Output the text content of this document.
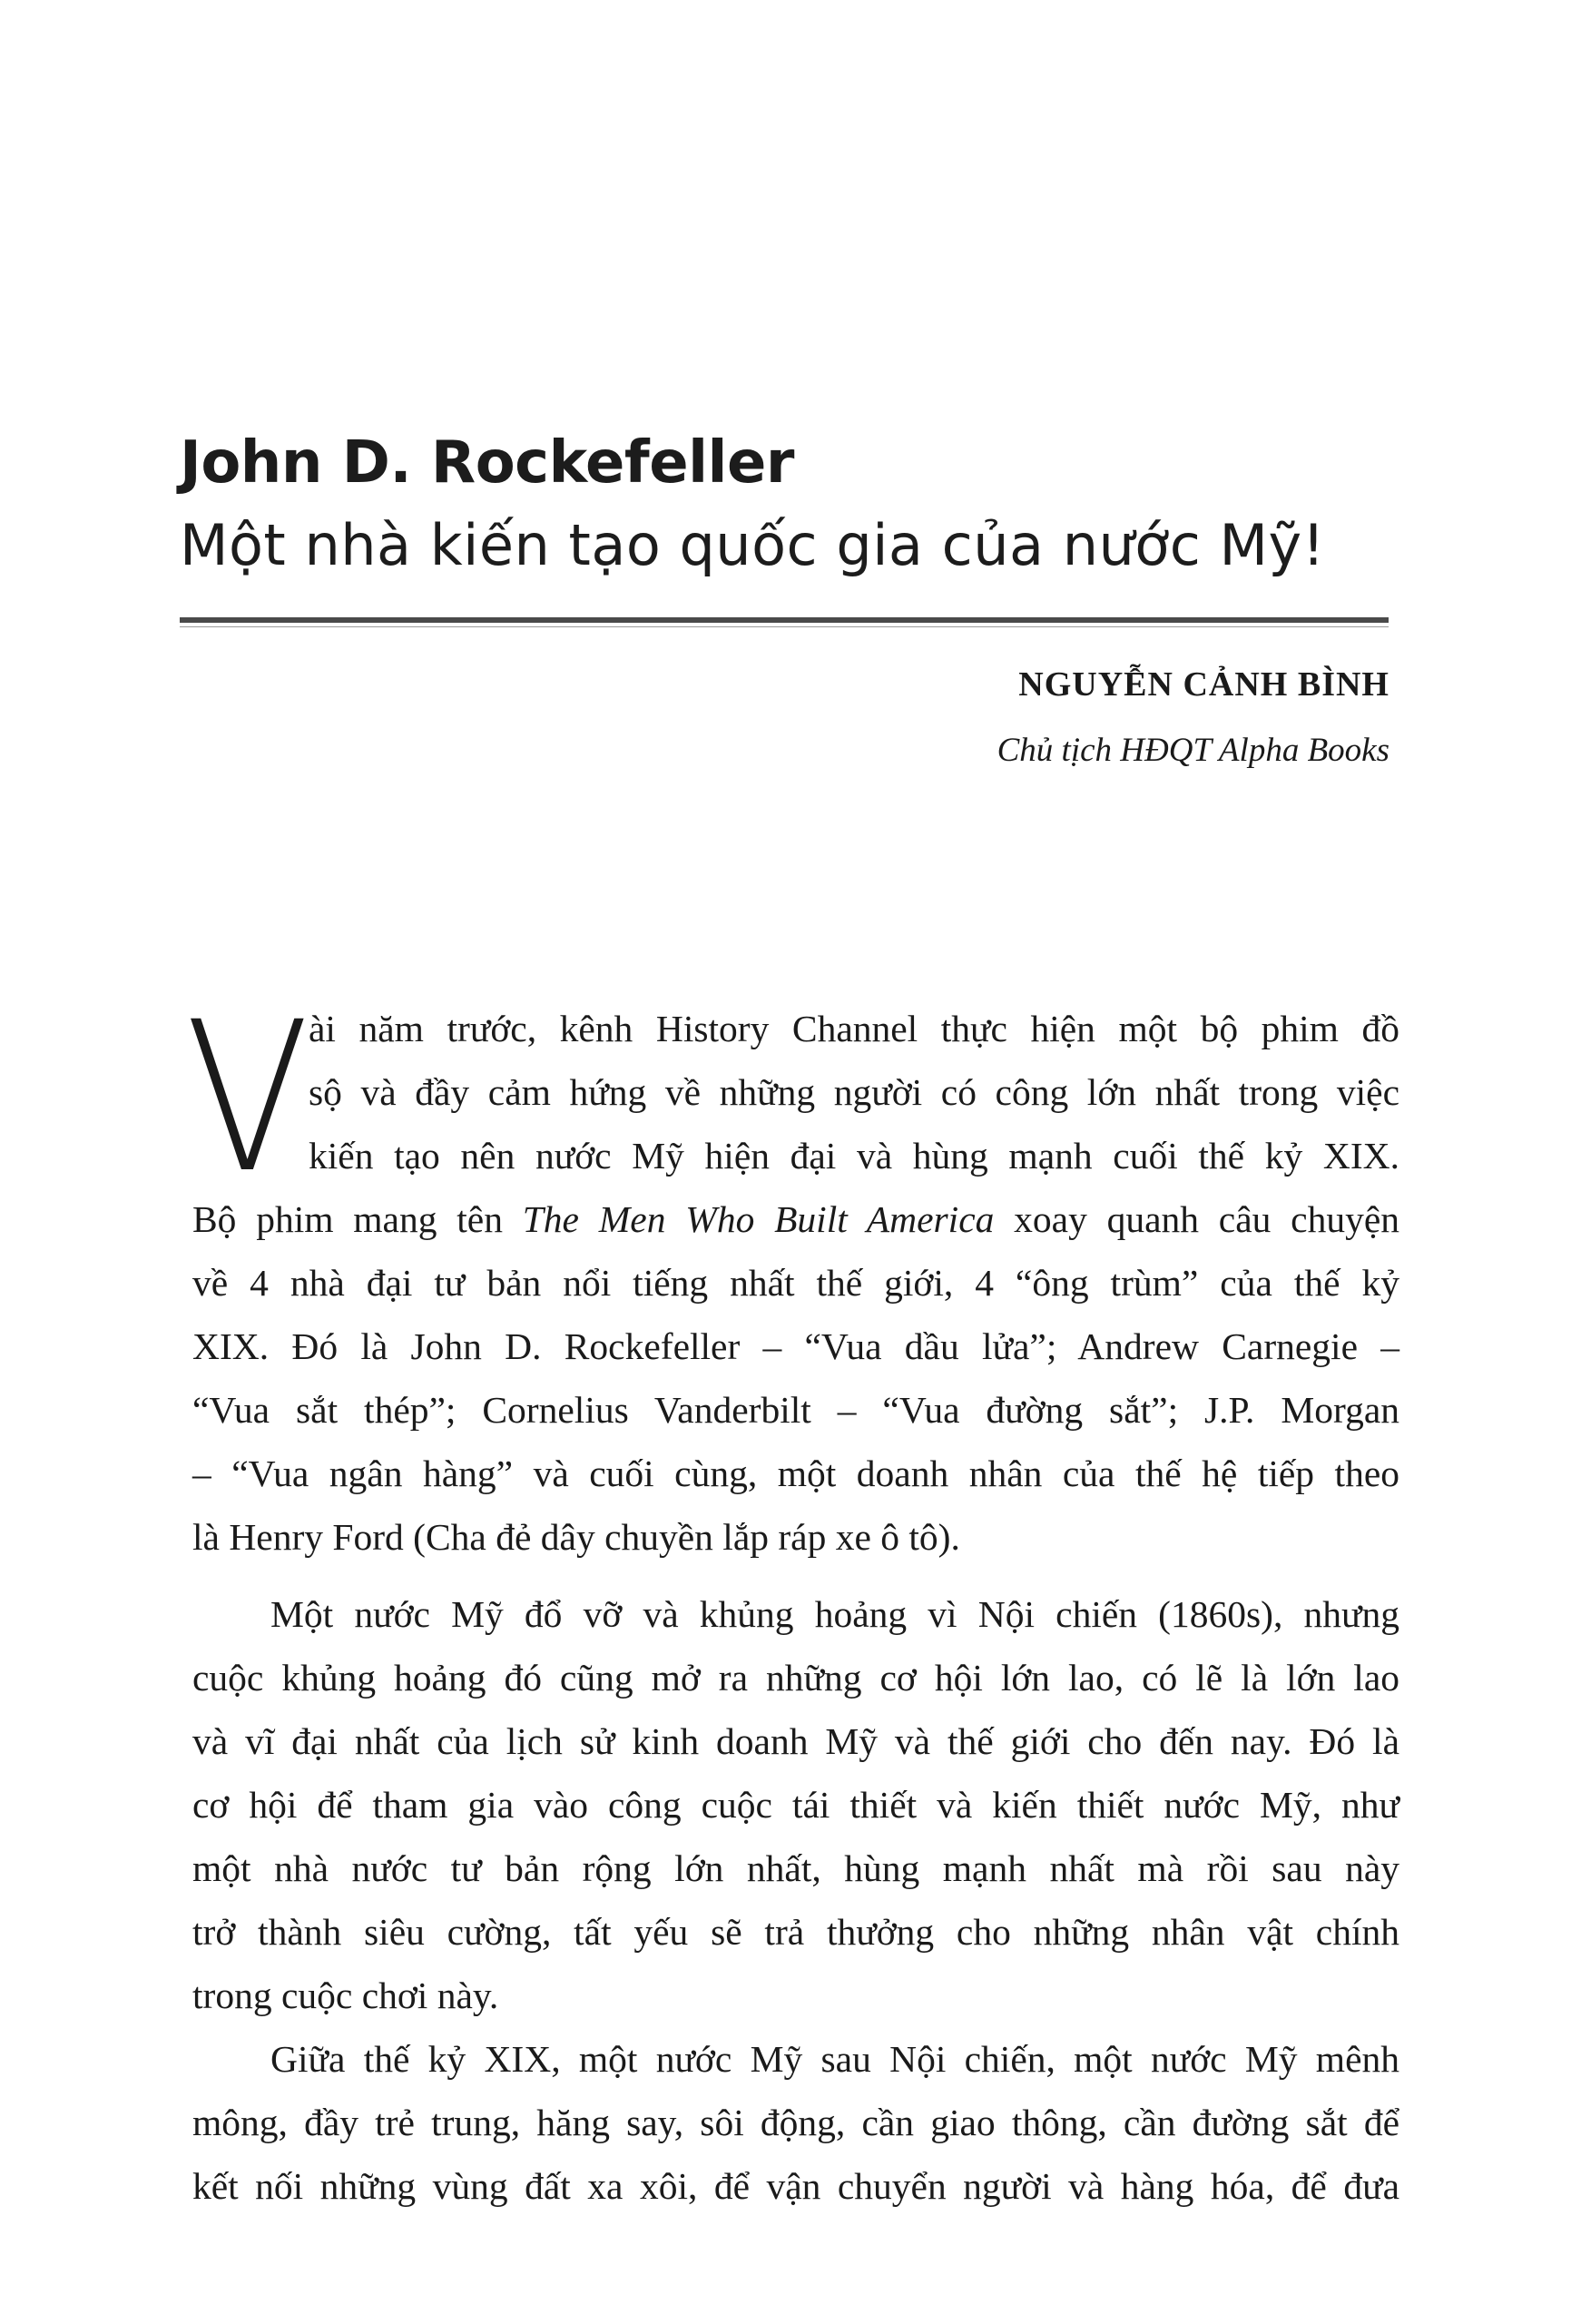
John D. Rockefeller
Một nhà kiến tạo quốc gia của nước Mỹ!
NGUYỄN CẢNH BÌNH
Chủ tịch HĐQT Alpha Books
V
ài năm trước, kênh History Channel thực hiện một bộ phim đồ
sộ và đầy cảm hứng về những người có công lớn nhất trong việc
kiến tạo nên nước Mỹ hiện đại và hùng mạnh cuối thế kỷ XIX.
Bộ phim mang tên The Men Who Built America xoay quanh câu chuyện
về 4 nhà đại tư bản nổi tiếng nhất thế giới, 4 “ông trùm” của thế kỷ
XIX. Đó là John D. Rockefeller – “Vua dầu lửa”; Andrew Carnegie –
“Vua sắt thép”; Cornelius Vanderbilt – “Vua đường sắt”; J.P. Morgan
– “Vua ngân hàng” và cuối cùng, một doanh nhân của thế hệ tiếp theo
là Henry Ford (Cha đẻ dây chuyền lắp ráp xe ô tô).
Một nước Mỹ đổ vỡ và khủng hoảng vì Nội chiến (1860s), nhưng
cuộc khủng hoảng đó cũng mở ra những cơ hội lớn lao, có lẽ là lớn lao
và vĩ đại nhất của lịch sử kinh doanh Mỹ và thế giới cho đến nay. Đó là
cơ hội để tham gia vào công cuộc tái thiết và kiến thiết nước Mỹ, như
một nhà nước tư bản rộng lớn nhất, hùng mạnh nhất mà rồi sau này
trở thành siêu cường, tất yếu sẽ trả thưởng cho những nhân vật chính
trong cuộc chơi này.
Giữa thế kỷ XIX, một nước Mỹ sau Nội chiến, một nước Mỹ mênh
mông, đầy trẻ trung, hăng say, sôi động, cần giao thông, cần đường sắt để
kết nối những vùng đất xa xôi, để vận chuyển người và hàng hóa, để đưa
